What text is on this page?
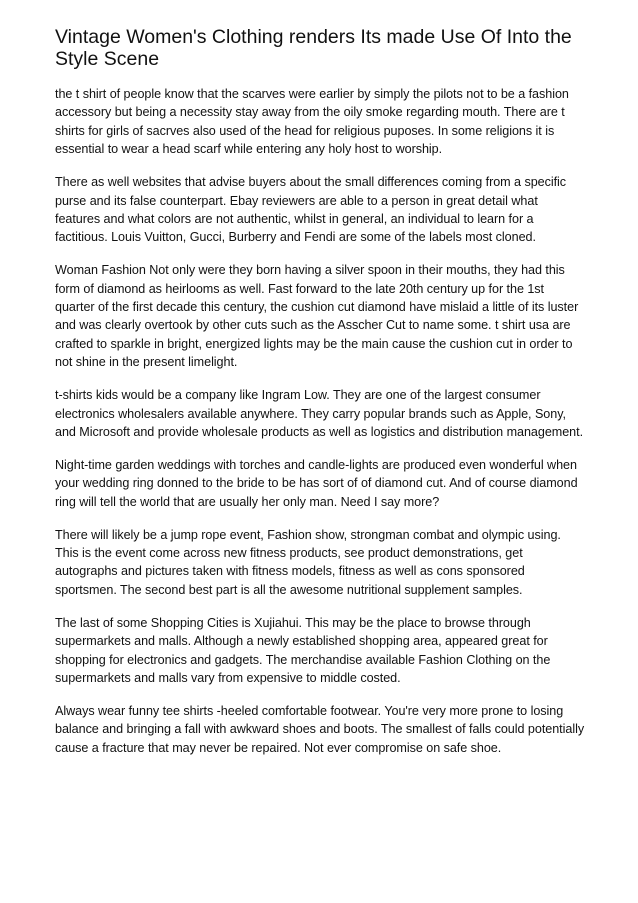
Vintage Women's Clothing renders Its made Use Of Into the Style Scene

the t shirt of people know that the scarves were earlier by simply the pilots not to be a fashion accessory but being a necessity stay away from the oily smoke regarding mouth. There are t shirts for girls of sacrves also used of the head for religious puposes. In some religions it is essential to wear a head scarf while entering any holy host to worship.

There as well websites that advise buyers about the small differences coming from a specific purse and its false counterpart. Ebay reviewers are able to a person in great detail what features and what colors are not authentic, whilst in general, an individual to learn for a factitious. Louis Vuitton, Gucci, Burberry and Fendi are some of the labels most cloned.

Woman Fashion Not only were they born having a silver spoon in their mouths, they had this form of diamond as heirlooms as well. Fast forward to the late 20th century up for the 1st quarter of the first decade this century, the cushion cut diamond have mislaid a little of its luster and was clearly overtook by other cuts such as the Asscher Cut to name some. t shirt usa are crafted to sparkle in bright, energized lights may be the main cause the cushion cut in order to not shine in the present limelight.

t-shirts kids would be a company like Ingram Low. They are one of the largest consumer electronics wholesalers available anywhere. They carry popular brands such as Apple, Sony, and Microsoft and provide wholesale products as well as logistics and distribution management.

Night-time garden weddings with torches and candle-lights are produced even wonderful when your wedding ring donned to the bride to be has sort of of diamond cut. And of course diamond ring will tell the world that are usually her only man. Need I say more?

There will likely be a jump rope event, Fashion show, strongman combat and olympic using. This is the event come across new fitness products, see product demonstrations, get autographs and pictures taken with fitness models, fitness as well as cons sponsored sportsmen. The second best part is all the awesome nutritional supplement samples.

The last of some Shopping Cities is Xujiahui. This may be the place to browse through supermarkets and malls. Although a newly established shopping area, appeared great for shopping for electronics and gadgets. The merchandise available Fashion Clothing on the supermarkets and malls vary from expensive to middle costed.

Always wear funny tee shirts -heeled comfortable footwear. You're very more prone to losing balance and bringing a fall with awkward shoes and boots. The smallest of falls could potentially cause a fracture that may never be repaired. Not ever compromise on safe shoe.
